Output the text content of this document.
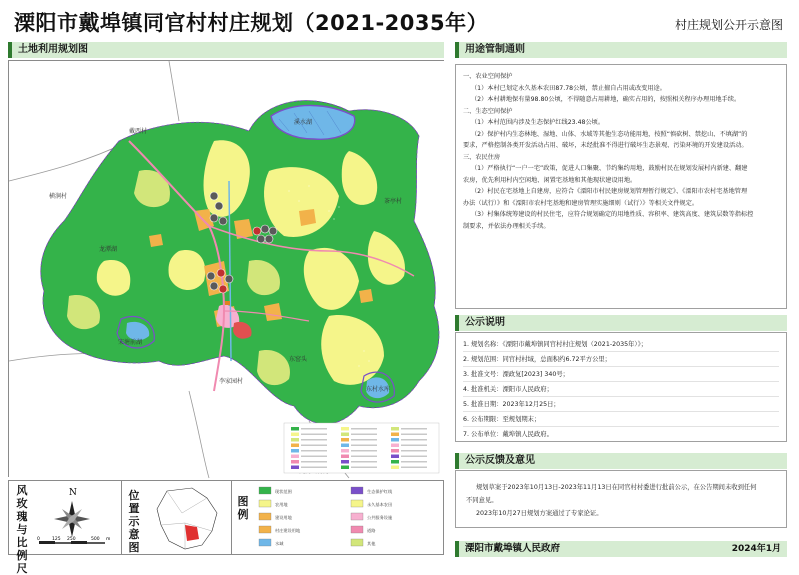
溧阳市戴埠镇同官村村庄规划（2021-2035年）	村庄规划公开示意图
土地利用规划图
戴西村
溪水湖
横涧村
李家园村
宋塘前湖
东村水库
茶亭村
龙潭湖
东窑头
风玫瑰与比例尺
N
0	125 250	500 m
位置示意图
图例
现状范围
农用地
建设用地
村庄建设用地
水域
生态保护红线
永久基本农田
公共服务设施
道路
其他
用途管制通则

一、农业空间保护

（1）本村已划定永久基本农田87.78公顷，禁止擅自占用或改变用途。

（2）本村耕地保有量98.80公顷，不得随意占用耕地，确实占用的，按照相关程序办理用地手续。

二、生态空间保护

（1）本村范围内涉及生态保护红线23.48公顷。

（2）保护村内生态林地、湿地、山体、水域等其他生态功能用地，按照“慎砍树、禁挖山、不填湖”的

要求，严格控制各类开发活动占用、破坏，未经批准不得进行破坏生态景观、污染环境的开发建设活动。

三、农民住房

（1）严格执行“一户一宅”政策，促进人口集聚、节约集约用地，鼓励村民在规划发展村内新建、翻建

农房，优先利用村内空闲地、闲置宅基地和其他现状建设用地。

（2）村民在宅基地上自建房，应符合《溧阳市村民建房规划管理暂行规定》、《溧阳市农村宅基地管理

办法（试行）》和《溧阳市农村宅基地和建房管理实施细则（试行）》等相关文件规定。

（3）村集体统筹建设的村民住宅，应符合规划确定的用地性质、容积率、建筑高度、建筑层数等指标控

制要求，并依法办理相关手续。

公示说明
1. 规划名称：《溧阳市戴埠镇同官村村庄规划（2021-2035年）》；
2. 规划范围：同官村村域，总面积约6.72平方公里；
3. 批准文号：溧政复[2023] 340号；
4. 批准机关：溧阳市人民政府；
5. 批准日期：2023年12月25日；
6. 公布期限：至规划期末；
7. 公布单位：戴埠镇人民政府。
公示反馈及意见

规划草案于2023年10月13日-2023年11月13日在同官村村委进行批前公示，在公告期间未收到任何

不同意见。

2023年10月27日规划方案通过了专家论证。

溧阳市戴埠镇人民政府	2024年1月
